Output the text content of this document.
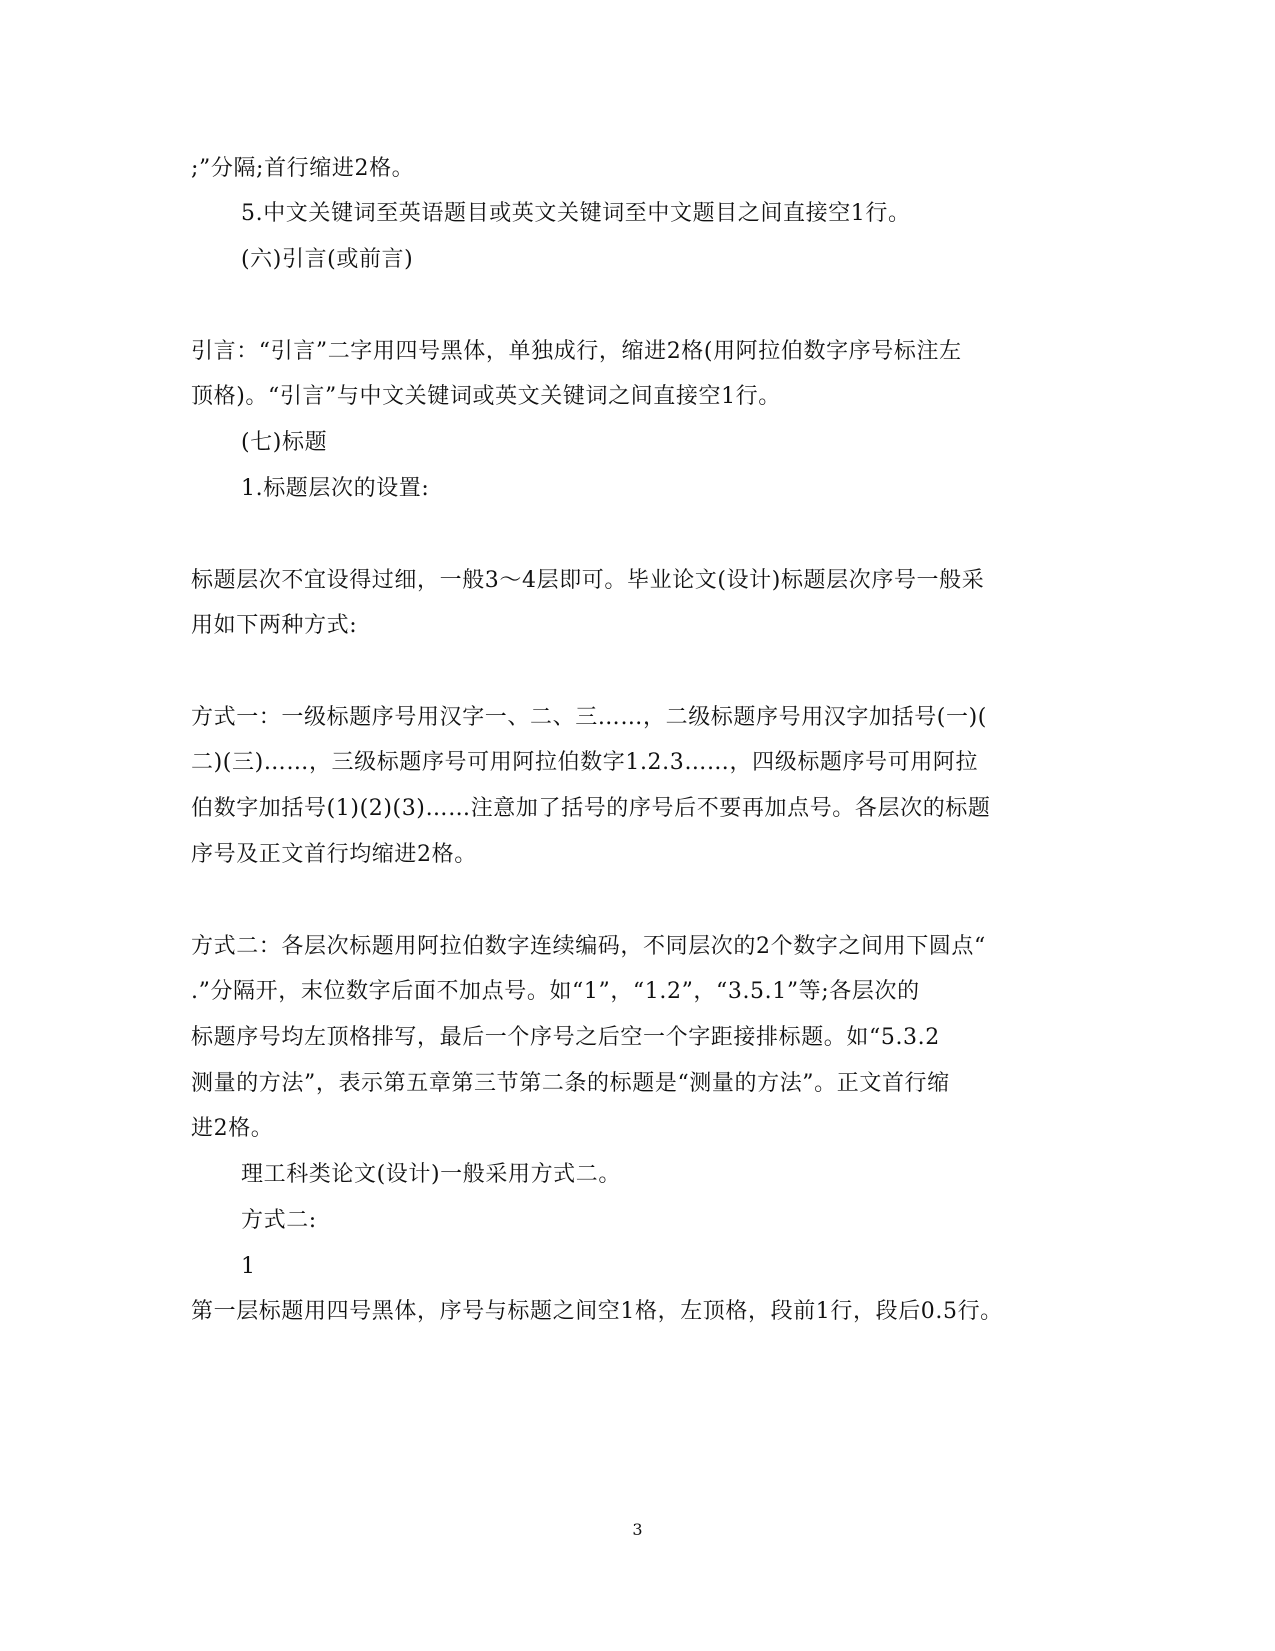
;”分隔;首行缩进2格。
5.中文关键词至英语题目或英文关键词至中文题目之间直接空1行。
(六)引言(或前言)
引言：“引言”二字用四号黑体，单独成行，缩进2格(用阿拉伯数字序号标注左
顶格)。“引言”与中文关键词或英文关键词之间直接空1行。
(七)标题
1.标题层次的设置:
标题层次不宜设得过细，一般3～4层即可。毕业论文(设计)标题层次序号一般采
用如下两种方式:
方式一：一级标题序号用汉字一、二、三……，二级标题序号用汉字加括号(一)(
二)(三)……，三级标题序号可用阿拉伯数字1.2.3……，四级标题序号可用阿拉
伯数字加括号(1)(2)(3)……注意加了括号的序号后不要再加点号。各层次的标题
序号及正文首行均缩进2格。
方式二：各层次标题用阿拉伯数字连续编码，不同层次的2个数字之间用下圆点“
.”分隔开，末位数字后面不加点号。如“1”，“1.2”，“3.5.1”等;各层次的
标题序号均左顶格排写，最后一个序号之后空一个字距接排标题。如“5.3.2
测量的方法”，表示第五章第三节第二条的标题是“测量的方法”。正文首行缩
进2格。
理工科类论文(设计)一般采用方式二。
方式二:
1
第一层标题用四号黑体，序号与标题之间空1格，左顶格，段前1行，段后0.5行。
3
